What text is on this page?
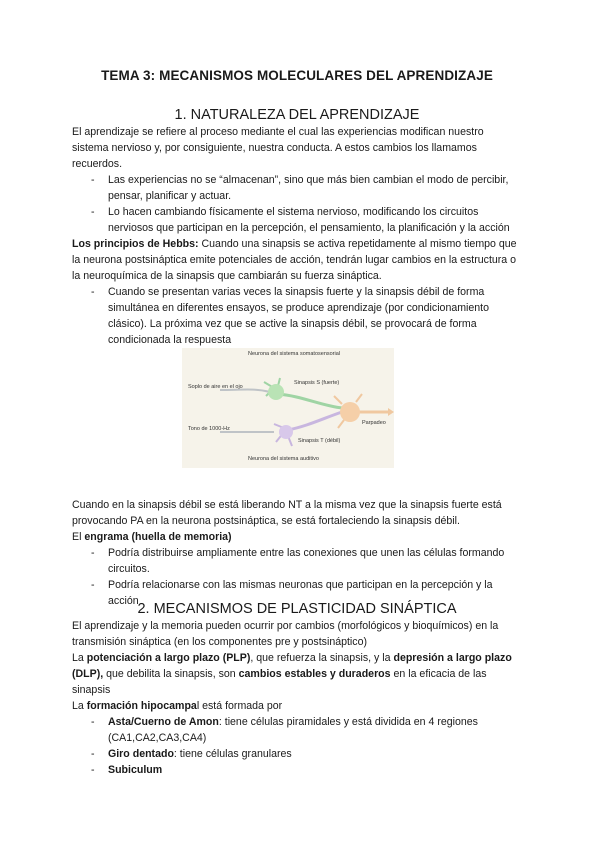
TEMA 3: MECANISMOS MOLECULARES DEL APRENDIZAJE
1. NATURALEZA DEL APRENDIZAJE

El aprendizaje se refiere al proceso mediante el cual las experiencias modifican nuestro sistema nervioso y, por consiguiente, nuestra conducta. A estos cambios los llamamos recuerdos.

- Las experiencias no se “almacenan”, sino que más bien cambian el modo de percibir, pensar, planificar y actuar.
- Lo hacen cambiando físicamente el sistema nervioso, modificando los circuitos nerviosos que participan en la percepción, el pensamiento, la planificación y la acción

Los principios de Hebbs: Cuando una sinapsis se activa repetidamente al mismo tiempo que la neurona postsináptica emite potenciales de acción, tendrán lugar cambios en la estructura o la neuroquímica de la sinapsis que cambiarán su fuerza sináptica.

- Cuando se presentan varias veces la sinapsis fuerte y la sinapsis débil de forma simultánea en diferentes ensayos, se produce aprendizaje (por condicionamiento clásico). La próxima vez que se active la sinapsis débil, se provocará de forma condicionada la respuesta
Neurona del sistema somatosensorial
Soplo de aire en el ojo
Tono de 1000-Hz
Neurona del sistema auditivo
Sinapsis S (fuerte)
Sinapsis T (débil)
Parpadeo

Cuando en la sinapsis débil se está liberando NT a la misma vez que la sinapsis fuerte está provocando PA en la neurona postsináptica, se está fortaleciendo la sinapsis débil.

El engrama (huella de memoria)

- Podría distribuirse ampliamente entre las conexiones que unen las células formando circuitos.
- Podría relacionarse con las mismas neuronas que participan en la percepción y la acción
2. MECANISMOS DE PLASTICIDAD SINÁPTICA

El aprendizaje y la memoria pueden ocurrir por cambios (morfológicos y bioquímicos) en la transmisión sináptica (en los componentes pre y postsináptico)

La potenciación a largo plazo (PLP), que refuerza la sinapsis, y la depresión a largo plazo (DLP), que debilita la sinapsis, son cambios estables y duraderos en la eficacia de las sinapsis

La formación hipocampal está formada por

- Asta/Cuerno de Amon: tiene células piramidales y está dividida en 4 regiones (CA1,CA2,CA3,CA4)
- Giro dentado: tiene células granulares
- Subiculum
